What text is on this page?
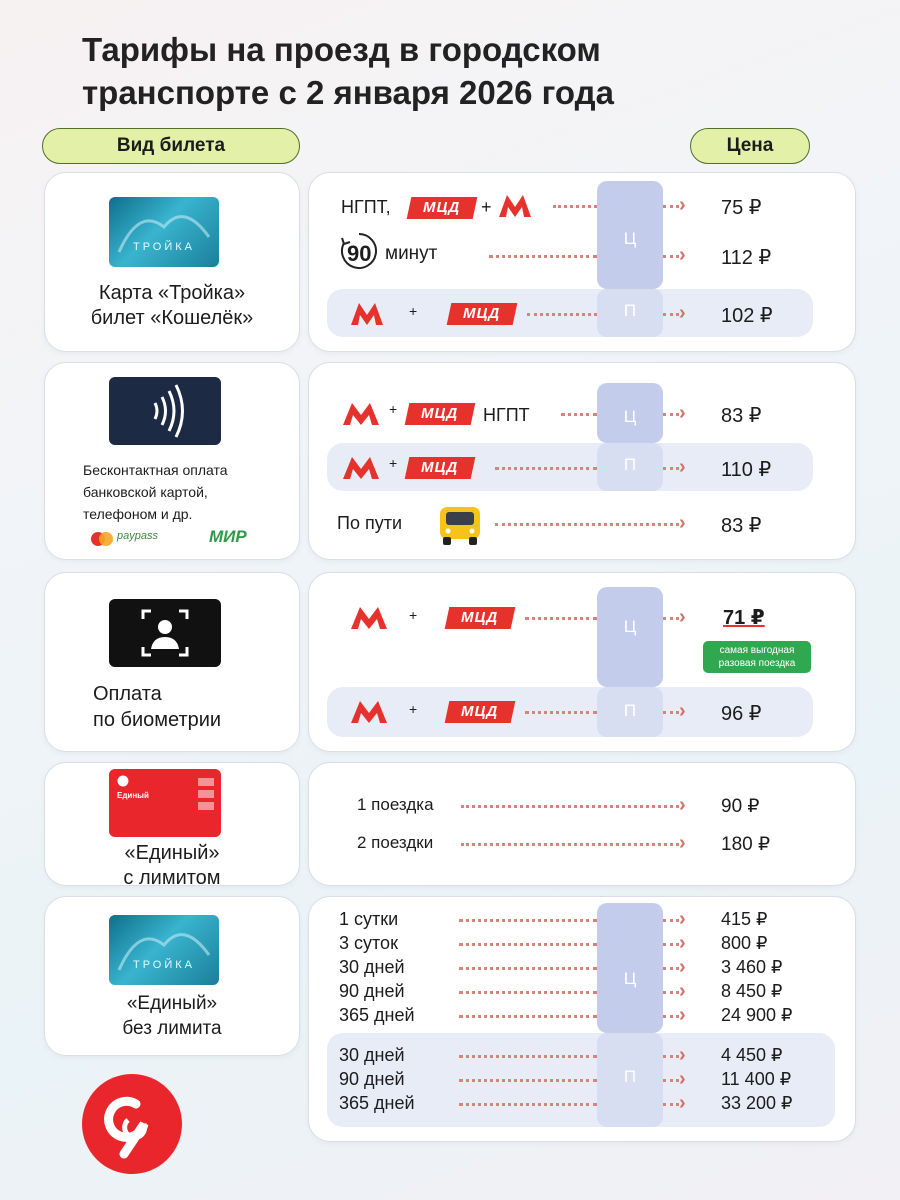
Тарифы на проезд в городском
транспорте с 2 января 2026 года
Вид билета	Цена
ТРОЙКА
Карта «Тройка»
билет «Кошелёк»
Ц
П
НГПТ,	МЦД	+	› 75 ₽
90 минут	› 112 ₽
+	МЦД	› 102 ₽
Бесконтактная оплата
банковской картой,
телефоном и др.
paypass	МИР
Ц
П
+	МЦД	НГПТ	› 83 ₽
+	МЦД	› 110 ₽
По пути	› 83 ₽
Оплата
по биометрии
Ц
П
+	МЦД	› 71 ₽
самая выгодная
разовая поездка
+	МЦД	› 96 ₽
Единый
«Единый»
с лимитом
1 поездка	› 90 ₽
2 поездки	› 180 ₽
ТРОЙКА
«Единый»
без лимита
Ц
П
1 сутки	› 415 ₽
3 суток	› 800 ₽
30 дней	› 3 460 ₽
90 дней	› 8 450 ₽
365 дней	› 24 900 ₽
30 дней	› 4 450 ₽
90 дней	› 11 400 ₽
365 дней	› 33 200 ₽
